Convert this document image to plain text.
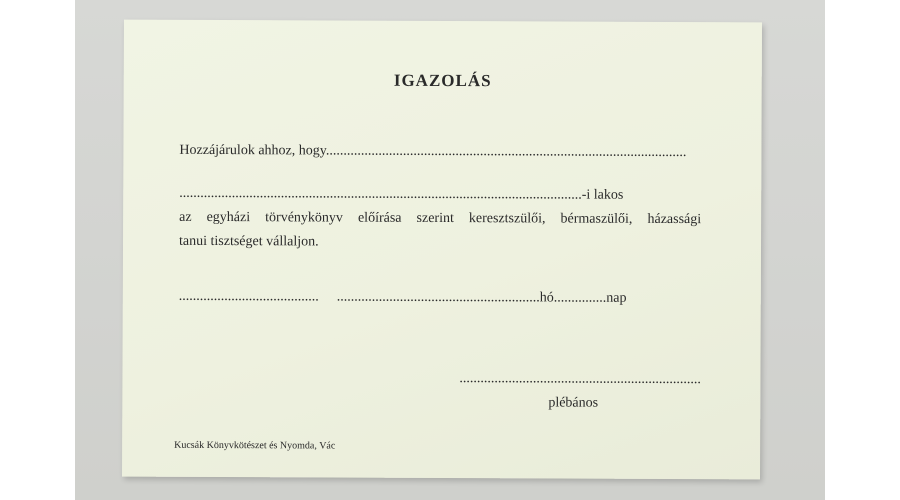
IGAZOLÁS
Hozzájárulok ahhoz, hogy.......................................................................................................
...................................................................................................................-i lakos
az egyházi törvénykönyv előírása szerint keresztszülői, bérmaszülői, házassági
tanui tisztséget vállaljon.
........................................ ..........................................................hó...............nap
.....................................................................
plébános
Kucsák Könyvkötészet és Nyomda, Vác
